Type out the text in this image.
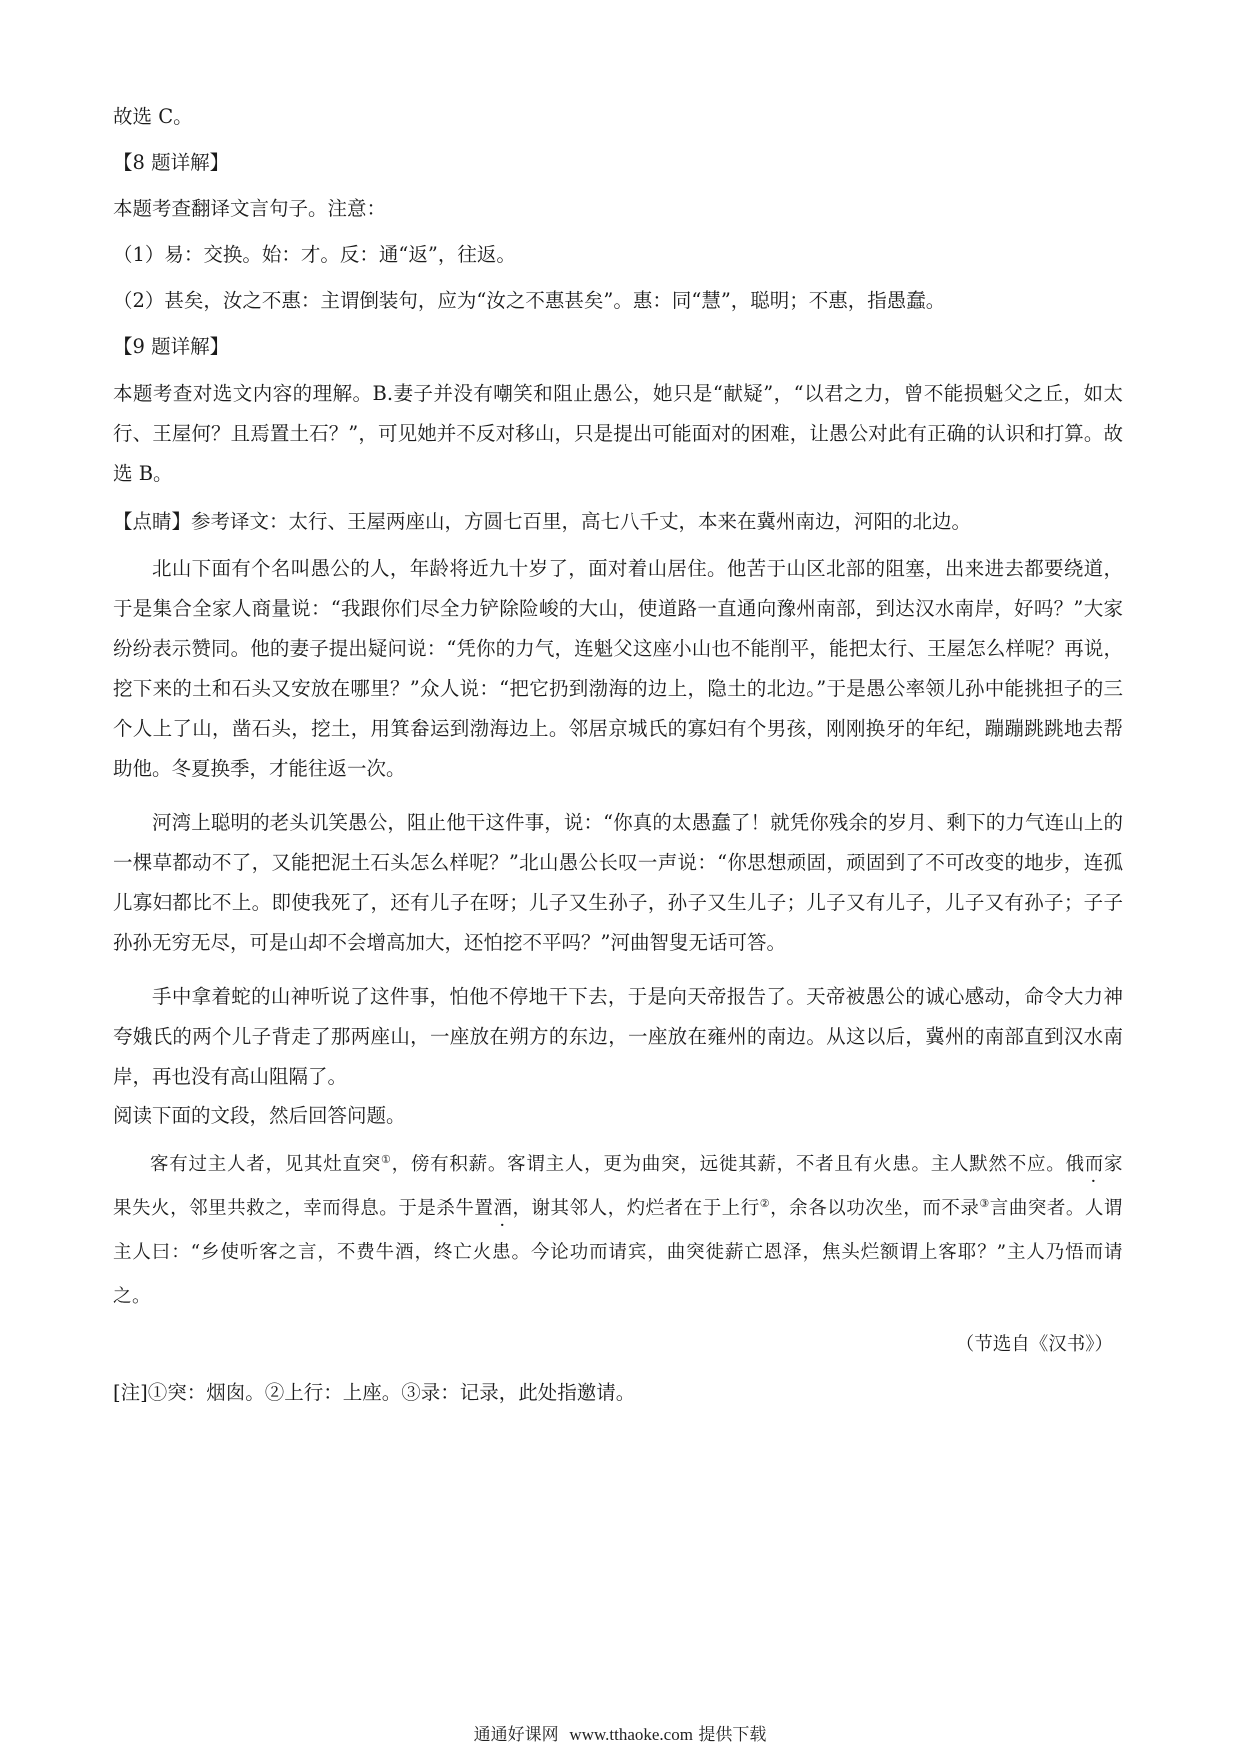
故选 C。

【8 题详解】

本题考查翻译文言句子。注意：

（1）易：交换。始：才。反：通“返”，往返。

（2）甚矣，汝之不惠：主谓倒装句，应为“汝之不惠甚矣”。惠：同“慧”，聪明；不惠，指愚蠢。

【9 题详解】

本题考查对选文内容的理解。B.妻子并没有嘲笑和阻止愚公，她只是“献疑”，“以君之力，曾不能损魁父之丘，如太行、王屋何？且焉置土石？”，可见她并不反对移山，只是提出可能面对的困难，让愚公对此有正确的认识和打算。故选 B。

【点睛】参考译文：太行、王屋两座山，方圆七百里，高七八千丈，本来在冀州南边，河阳的北边。

北山下面有个名叫愚公的人，年龄将近九十岁了，面对着山居住。他苦于山区北部的阻塞，出来进去都要绕道，于是集合全家人商量说：“我跟你们尽全力铲除险峻的大山，使道路一直通向豫州南部，到达汉水南岸，好吗？”大家纷纷表示赞同。他的妻子提出疑问说：“凭你的力气，连魁父这座小山也不能削平，能把太行、王屋怎么样呢？再说，挖下来的土和石头又安放在哪里？”众人说：“把它扔到渤海的边上，隐土的北边。”于是愚公率领儿孙中能挑担子的三个人上了山，凿石头，挖土，用箕畚运到渤海边上。邻居京城氏的寡妇有个男孩，刚刚换牙的年纪，蹦蹦跳跳地去帮助他。冬夏换季，才能往返一次。

河湾上聪明的老头讥笑愚公，阻止他干这件事，说：“你真的太愚蠢了！就凭你残余的岁月、剩下的力气连山上的一棵草都动不了，又能把泥土石头怎么样呢？”北山愚公长叹一声说：“你思想顽固，顽固到了不可改变的地步，连孤儿寡妇都比不上。即使我死了，还有儿子在呀；儿子又生孙子，孙子又生儿子；儿子又有儿子，儿子又有孙子；子子孙孙无穷无尽，可是山却不会增高加大，还怕挖不平吗？”河曲智叟无话可答。

手中拿着蛇的山神听说了这件事，怕他不停地干下去，于是向天帝报告了。天帝被愚公的诚心感动，命令大力神夸娥氏的两个儿子背走了那两座山，一座放在朔方的东边，一座放在雍州的南边。从这以后，冀州的南部直到汉水南岸，再也没有高山阻隔了。

阅读下面的文段，然后回答问题。

客有过主人者，见其灶直突①，傍有积薪。客谓主人，更为曲突，远徙其薪，不者且有火患。主人默然不应。俄而家果失火，邻里共救之，幸而得息。于是杀牛置酒，谢其邻人，灼烂者在于上行②，余各以功次坐，而不录③言曲突者。人谓主人曰：“乡使听客之言，不费牛酒，终亡火患。今论功而请宾，曲突徙薪亡恩泽，焦头烂额谓上客耶？”主人乃悟而请之。

（节选自《汉书》）

[注]①突：烟囱。②上行：上座。③录：记录，此处指邀请。

通通好课网 www.tthaoke.com 提供下载
